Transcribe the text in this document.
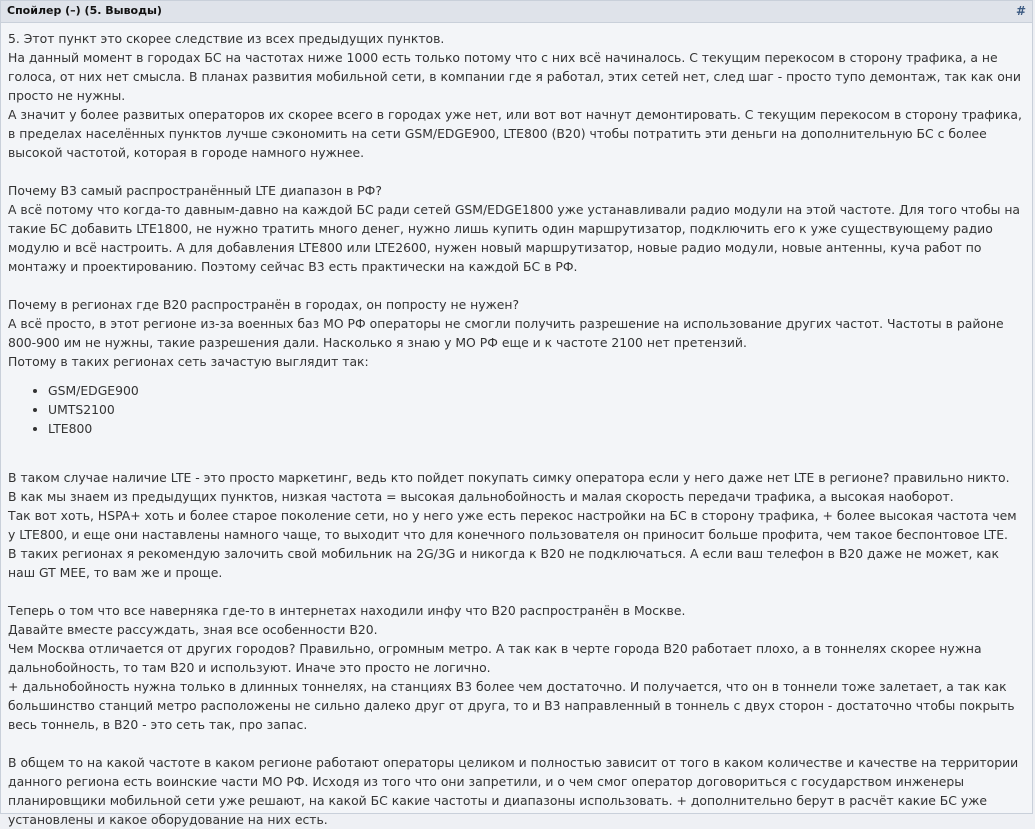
Спойлер (–) (5. Выводы)	#

5. Этот пункт это скорее следствие из всех предыдущих пунктов.

На данный момент в городах БС на частотах ниже 1000 есть только потому что с них всё начиналось. С текущим перекосом в сторону трафика, а не голоса, от них нет смысла. В планах развития мобильной сети, в компании где я работал, этих сетей нет, след шаг - просто тупо демонтаж, так как они просто не нужны.

А значит у более развитых операторов их скорее всего в городах уже нет, или вот вот начнут демонтировать. С текущим перекосом в сторону трафика, в пределах населённых пунктов лучше сэкономить на сети GSM/EDGE900, LTE800 (B20) чтобы потратить эти деньги на дополнительную БС с более высокой частотой, которая в городе намного нужнее.

Почему B3 самый распространённый LTE диапазон в РФ?

А всё потому что когда-то давным-давно на каждой БС ради сетей GSM/EDGE1800 уже устанавливали радио модули на этой частоте. Для того чтобы на такие БС добавить LTE1800, не нужно тратить много денег, нужно лишь купить один маршрутизатор, подключить его к уже существующему радио модулю и всё настроить. А для добавления LTE800 или LTE2600, нужен новый маршрутизатор, новые радио модули, новые антенны, куча работ по монтажу и проектированию. Поэтому сейчас B3 есть практически на каждой БС в РФ.

Почему в регионах где B20 распространён в городах, он попросту не нужен?

А всё просто, в этот регионе из-за военных баз МО РФ операторы не смогли получить разрешение на использование других частот. Частоты в районе 800-900 им не нужны, такие разрешения дали. Насколько я знаю у МО РФ еще и к частоте 2100 нет претензий.

Потому в таких регионах сеть зачастую выглядит так:

• GSM/EDGE900
• UMTS2100
• LTE800

В таком случае наличие LTE - это просто маркетинг, ведь кто пойдет покупать симку оператора если у него даже нет LTE в регионе? правильно никто.

В как мы знаем из предыдущих пунктов, низкая частота = высокая дальнобойность и малая скорость передачи трафика, а высокая наоборот.

Так вот хоть, HSPA+ хоть и более старое поколение сети, но у него уже есть перекос настройки на БС в сторону трафика, + более высокая частота чем у LTE800, и еще они наставлены намного чаще, то выходит что для конечного пользователя он приносит больше профита, чем такое беспонтовое LTE.

В таких регионах я рекомендую залочить свой мобильник на 2G/3G и никогда к B20 не подключаться. А если ваш телефон в B20 даже не может, как наш GT MEE, то вам же и проще.

Теперь о том что все наверняка где-то в интернетах находили инфу что B20 распространён в Москве.

Давайте вместе рассуждать, зная все особенности B20.

Чем Москва отличается от других городов? Правильно, огромным метро. А так как в черте города B20 работает плохо, а в тоннелях скорее нужна дальнобойность, то там B20 и используют. Иначе это просто не логично.

+ дальнобойность нужна только в длинных тоннелях, на станциях B3 более чем достаточно. И получается, что он в тоннели тоже залетает, а так как большинство станций метро расположены не сильно далеко друг от друга, то и B3 направленный в тоннель с двух сторон - достаточно чтобы покрыть весь тоннель, в B20 - это сеть так, про запас.

В общем то на какой частоте в каком регионе работают операторы целиком и полностью зависит от того в каком количестве и качестве на территории данного региона есть воинские части МО РФ. Исходя из того что они запретили, и о чем смог оператор договориться с государством инженеры планировщики мобильной сети уже решают, на какой БС какие частоты и диапазоны использовать. + дополнительно берут в расчёт какие БС уже установлены и какое оборудование на них есть.
